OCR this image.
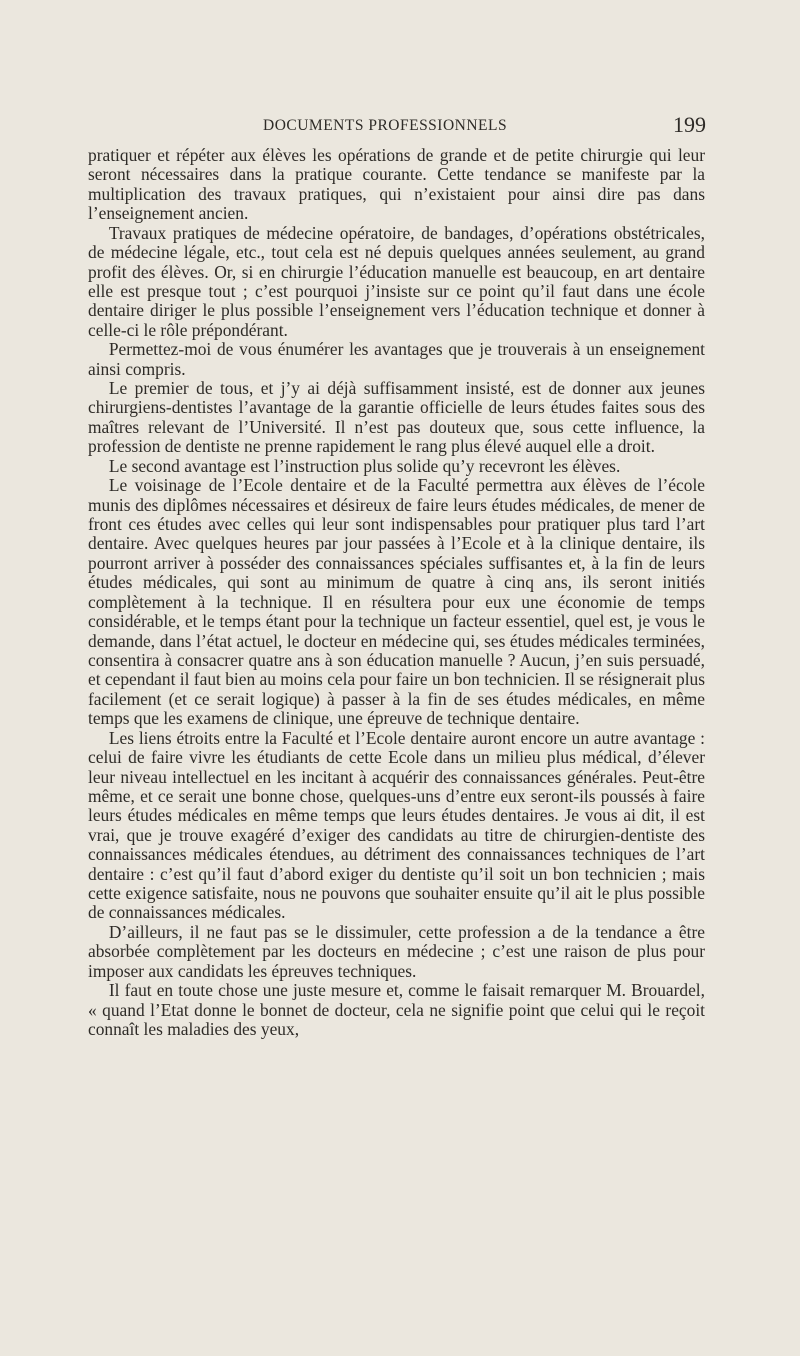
DOCUMENTS PROFESSIONNELS	199

pratiquer et répéter aux élèves les opérations de grande et de petite chirurgie qui leur seront nécessaires dans la pratique courante. Cette tendance se manifeste par la multiplication des travaux pratiques, qui n’existaient pour ainsi dire pas dans l’enseignement ancien.

Travaux pratiques de médecine opératoire, de bandages, d’opérations obstétricales, de médecine légale, etc., tout cela est né depuis quelques années seulement, au grand profit des élèves. Or, si en chirurgie l’éducation manuelle est beaucoup, en art dentaire elle est presque tout ; c’est pourquoi j’insiste sur ce point qu’il faut dans une école dentaire diriger le plus possible l’enseignement vers l’éducation technique et donner à celle-ci le rôle prépondérant.

Permettez-moi de vous énumérer les avantages que je trouverais à un enseignement ainsi compris.

Le premier de tous, et j’y ai déjà suffisamment insisté, est de donner aux jeunes chirurgiens-dentistes l’avantage de la garantie officielle de leurs études faites sous des maîtres relevant de l’Université. Il n’est pas douteux que, sous cette influence, la profession de dentiste ne prenne rapidement le rang plus élevé auquel elle a droit.

Le second avantage est l’instruction plus solide qu’y recevront les élèves.

Le voisinage de l’Ecole dentaire et de la Faculté permettra aux élèves de l’école munis des diplômes nécessaires et désireux de faire leurs études médicales, de mener de front ces études avec celles qui leur sont indispensables pour pratiquer plus tard l’art dentaire. Avec quelques heures par jour passées à l’Ecole et à la clinique dentaire, ils pourront arriver à posséder des connaissances spéciales suffisantes et, à la fin de leurs études médicales, qui sont au minimum de quatre à cinq ans, ils seront initiés complètement à la technique. Il en résultera pour eux une économie de temps considérable, et le temps étant pour la technique un facteur essentiel, quel est, je vous le demande, dans l’état actuel, le docteur en médecine qui, ses études médicales terminées, consentira à consacrer quatre ans à son éducation manuelle ? Aucun, j’en suis persuadé, et cependant il faut bien au moins cela pour faire un bon technicien. Il se résignerait plus facilement (et ce serait logique) à passer à la fin de ses études médicales, en même temps que les examens de clinique, une épreuve de technique dentaire.

Les liens étroits entre la Faculté et l’Ecole dentaire auront encore un autre avantage : celui de faire vivre les étudiants de cette Ecole dans un milieu plus médical, d’élever leur niveau intellectuel en les incitant à acquérir des connaissances générales. Peut-être même, et ce serait une bonne chose, quelques-uns d’entre eux seront-ils poussés à faire leurs études médicales en même temps que leurs études dentaires. Je vous ai dit, il est vrai, que je trouve exagéré d’exiger des candidats au titre de chirurgien-dentiste des connaissances médicales étendues, au détriment des connaissances techniques de l’art dentaire : c’est qu’il faut d’abord exiger du dentiste qu’il soit un bon technicien ; mais cette exigence satisfaite, nous ne pouvons que souhaiter ensuite qu’il ait le plus possible de connaissances médicales.

D’ailleurs, il ne faut pas se le dissimuler, cette profession a de la tendance a être absorbée complètement par les docteurs en médecine ; c’est une raison de plus pour imposer aux candidats les épreuves techniques.

Il faut en toute chose une juste mesure et, comme le faisait remarquer M. Brouardel, « quand l’Etat donne le bonnet de docteur, cela ne signifie point que celui qui le reçoit connaît les maladies des yeux,
